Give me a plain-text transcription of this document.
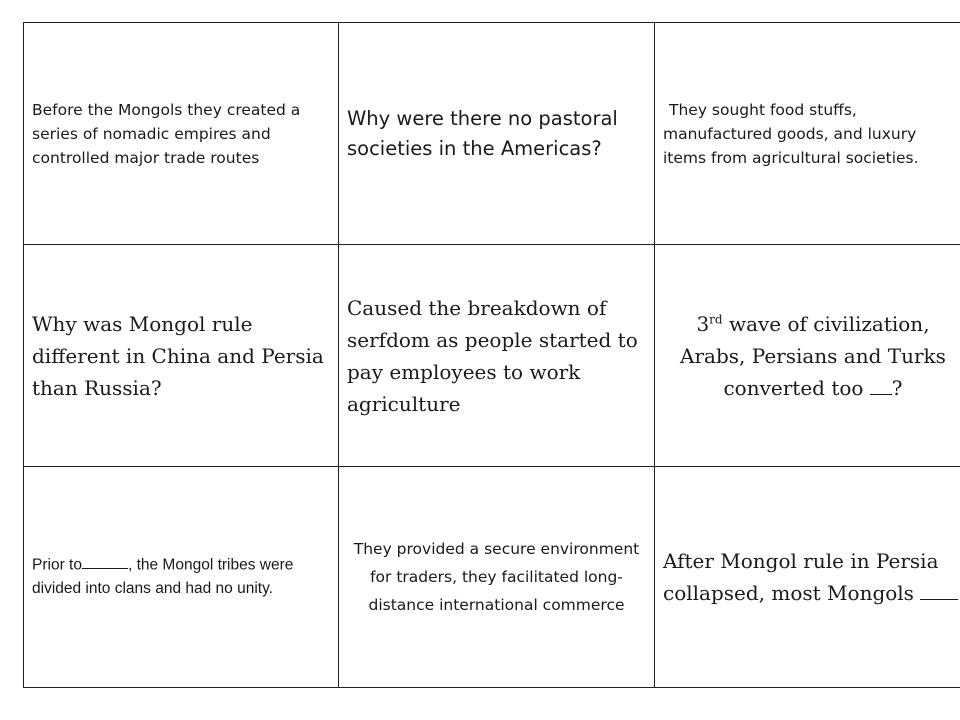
Before the Mongols they created a series of nomadic empires and controlled major trade routes	Why were there no pastoral societies in the Americas?	They sought food stuffs, manufactured goods, and luxury items from agricultural societies.
Why was Mongol rule different in China and Persia than Russia?	Caused the breakdown of serfdom as people started to pay employees to work agriculture	3rd wave of civilization, Arabs, Persians and Turks converted too ?
Prior to , the Mongol tribes were divided into clans and had no unity.	They provided a secure environment for traders, they facilitated long-distance international commerce	After Mongol rule in Persia collapsed, most Mongols
